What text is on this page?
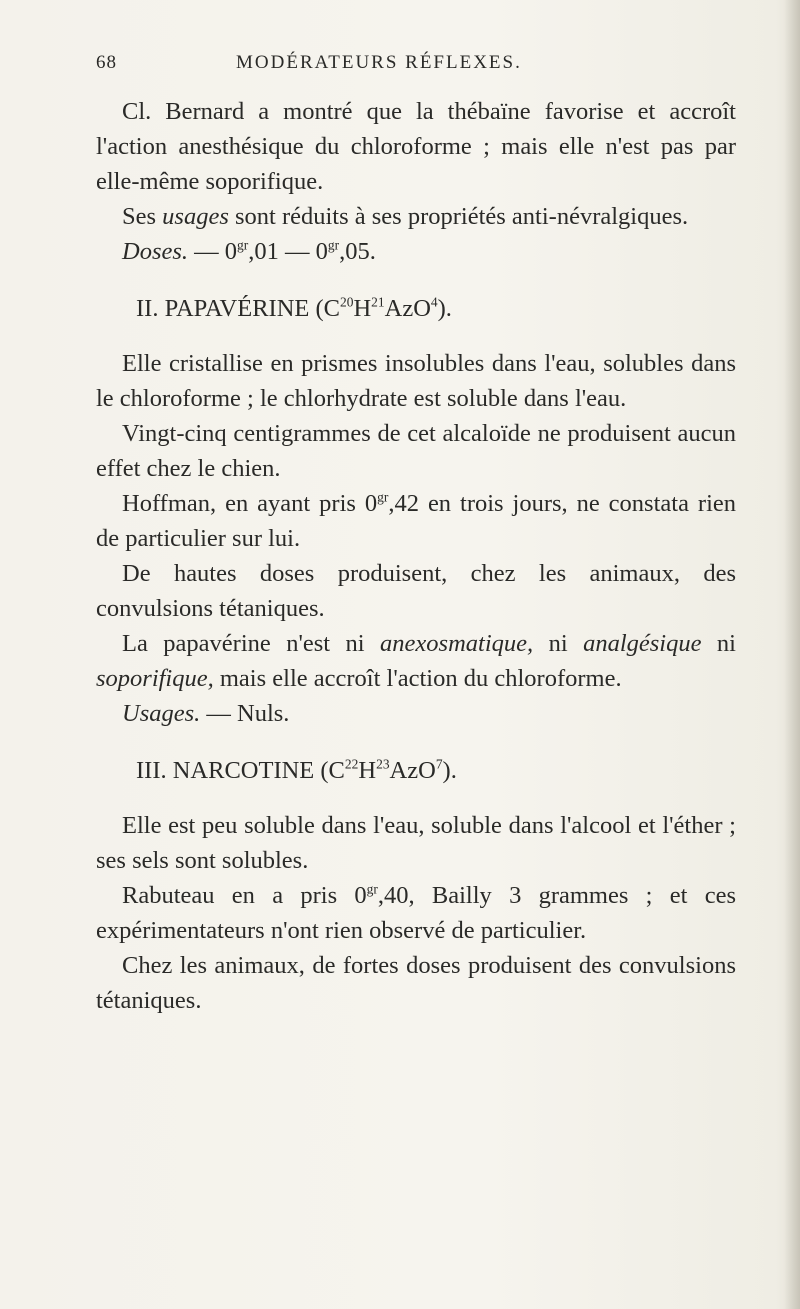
68	MODÉRATEURS RÉFLEXES.

Cl. Bernard a montré que la thébaïne favorise et accroît l'action anesthésique du chloroforme ; mais elle n'est pas par elle-même soporifique.

Ses usages sont réduits à ses propriétés anti-névralgiques.

Doses. — $0^{gr},01$ — $0^{gr},05$.

II. PAPAVÉRINE $(C^{20}H^{21}AzO^4)$.

Elle cristallise en prismes insolubles dans l'eau, solubles dans le chloroforme ; le chlorhydrate est soluble dans l'eau.

Vingt-cinq centigrammes de cet alcaloïde ne produisent aucun effet chez le chien.

Hoffman, en ayant pris $0^{gr},42$ en trois jours, ne constata rien de particulier sur lui.

De hautes doses produisent, chez les animaux, des convulsions tétaniques.

La papavérine n'est ni anexosmatique, ni analgésique ni soporifique, mais elle accroît l'action du chloroforme.

Usages. — Nuls.

III. NARCOTINE $(C^{22}H^{23}AzO^7)$.

Elle est peu soluble dans l'eau, soluble dans l'alcool et l'éther ; ses sels sont solubles.

Rabuteau en a pris $0^{gr},40$, Bailly 3 grammes ; et ces expérimentateurs n'ont rien observé de particulier.

Chez les animaux, de fortes doses produisent des convulsions tétaniques.
